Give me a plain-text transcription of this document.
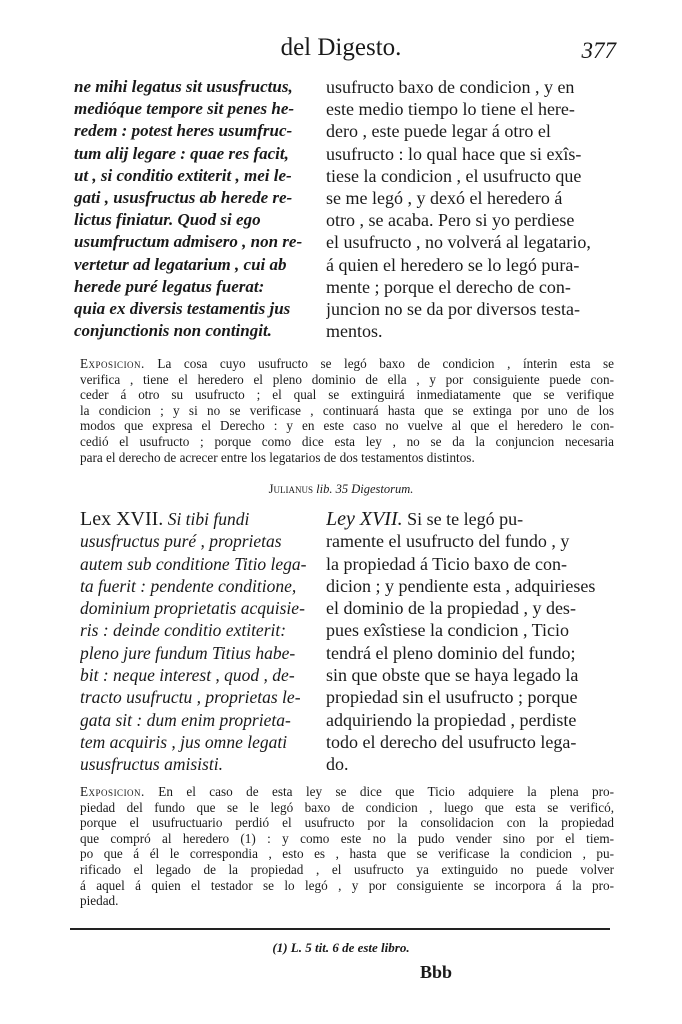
del Digesto.	377
ne mihi legatus sit ususfructus,
medióque tempore sit penes he-
redem : potest heres usumfruc-
tum alij legare : quae res facit,
ut , si conditio extiterit , mei le-
gati , ususfructus ab herede re-
lictus finiatur. Quod si ego
usumfructum admisero , non re-
vertetur ad legatarium , cui ab
herede puré legatus fuerat:
quia ex diversis testamentis jus
conjunctionis non contingit.
usufructo baxo de condicion , y en
este medio tiempo lo tiene el here-
dero , este puede legar á otro el
usufructo : lo qual hace que si exîs-
tiese la condicion , el usufructo que
se me legó , y dexó el heredero á
otro , se acaba. Pero si yo perdiese
el usufructo , no volverá al legatario,
á quien el heredero se lo legó pura-
mente ; porque el derecho de con-
juncion no se da por diversos testa-
mentos.
Exposicion. La cosa cuyo usufructo se legó baxo de condicion , ínterin esta se
verifica , tiene el heredero el pleno dominio de ella , y por consiguiente puede con-
ceder á otro su usufructo ; el qual se extinguirá inmediatamente que se verifique
la condicion ; y si no se verificase , continuará hasta que se extinga por uno de los
modos que expresa el Derecho : y en este caso no vuelve al que el heredero le con-
cedió el usufructo ; porque como dice esta ley , no se da la conjuncion necesaria
para el derecho de acrecer entre los legatarios de dos testamentos distintos.
Julianus lib. 35 Digestorum.
Lex XVII. Si tibi fundi
ususfructus puré , proprietas
autem sub conditione Titio lega-
ta fuerit : pendente conditione,
dominium proprietatis acquisie-
ris : deinde conditio extiterit:
pleno jure fundum Titius habe-
bit : neque interest , quod , de-
tracto usufructu , proprietas le-
gata sit : dum enim proprieta-
tem acquiris , jus omne legati
ususfructus amisisti.
Ley XVII. Si se te legó pu-
ramente el usufructo del fundo , y
la propiedad á Ticio baxo de con-
dicion ; y pendiente esta , adquirieses
el dominio de la propiedad , y des-
pues exîstiese la condicion , Ticio
tendrá el pleno dominio del fundo;
sin que obste que se haya legado la
propiedad sin el usufructo ; porque
adquiriendo la propiedad , perdiste
todo el derecho del usufructo lega-
do.
Exposicion. En el caso de esta ley se dice que Ticio adquiere la plena pro-
piedad del fundo que se le legó baxo de condicion , luego que esta se verificó,
porque el usufructuario perdió el usufructo por la consolidacion con la propiedad
que compró al heredero (1) : y como este no la pudo vender sino por el tiem-
po que á él le correspondia , esto es , hasta que se verificase la condicion , pu-
rificado el legado de la propiedad , el usufructo ya extinguido no puede volver
á aquel á quien el testador se lo legó , y por consiguiente se incorpora á la pro-
piedad.
(1) L. 5 tit. 6 de este libro.
Bbb
